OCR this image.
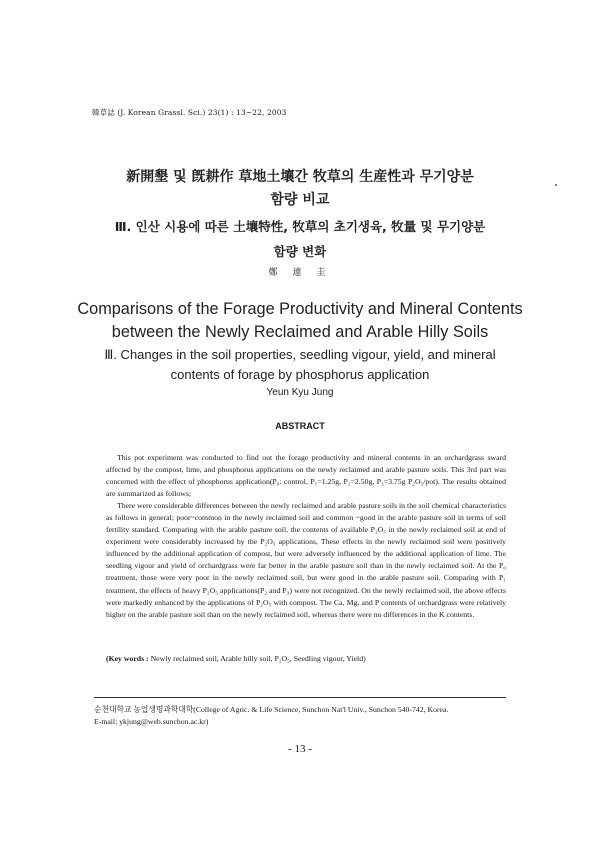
韓草誌 (J. Korean Grassl. Sci.) 23(1) : 13~22, 2003
新開墾 및 旣耕作 草地土壤간 牧草의 生産性과 무기양분
함량 비교
Ⅲ. 인산 시용에 따른 土壤特性, 牧草의 초기생육, 牧量 및 무기양분
함량 변화
鄭 連 圭
Comparisons of the Forage Productivity and Mineral Contents
between the Newly Reclaimed and Arable Hilly Soils
Ⅲ. Changes in the soil properties, seedling vigour, yield, and mineral
contents of forage by phosphorus application
Yeun Kyu Jung
ABSTRACT

This pot experiment was conducted to find out the forage productivity and mineral contents in an orchardgrass sward affected by the compost, lime, and phosphorus applications on the newly reclaimed and arable pasture soils. This 3rd part was concerned with the effect of phosphorus application(P₀: control, P₁=1.25g, P₂=2.50g, P₃=3.75g P₂O₅/pot). The results obtained are summarized as follows;

There were considerable differences between the newly reclaimed and arable pasture soils in the soil chemical characteristics as follows in general; poor~common in the newly reclaimed soil and common ~good in the arable pasture soil in terms of soil fertility standard. Comparing with the arable pasture soil, the contents of available P₂O₅ in the newly reclaimed soil at end of experiment were considerably increased by the P₂O₅ applications, These effects in the newly reclaimed soil were positively influenced by the additional application of compost, but were adversely influenced by the additional application of lime. The seedling vigour and yield of orchardgrass were far better in the arable pasture soil than in the newly reclaimed soil. At the P₀ treatment, those were very poor in the newly reclaimed soil, but were good in the arable pasture soil. Comparing with P₁ treatment, the effects of heavy P₂O₅ applications(P₂ and P₃) were not recognized. On the newly reclaimed soil, the above effects were markedly enhanced by the applications of P₂O₅ with compost. The Ca, Mg, and P contents of orchardgrass were relatively higher on the arable pasture soil than on the newly reclaimed soil, whereas there were no differences in the K contents.

(Key words : Newly reclaimed soil, Arable hilly soil, P₂O₅, Seedling vigour, Yield)
순천대학교 농업생명과학대학(College of Agric. & Life Science, Sunchon Nat'l Univ., Sunchon 540-742, Korea.
E-mail; ykjung@web.sunchon.ac.kr)
- 13 -
